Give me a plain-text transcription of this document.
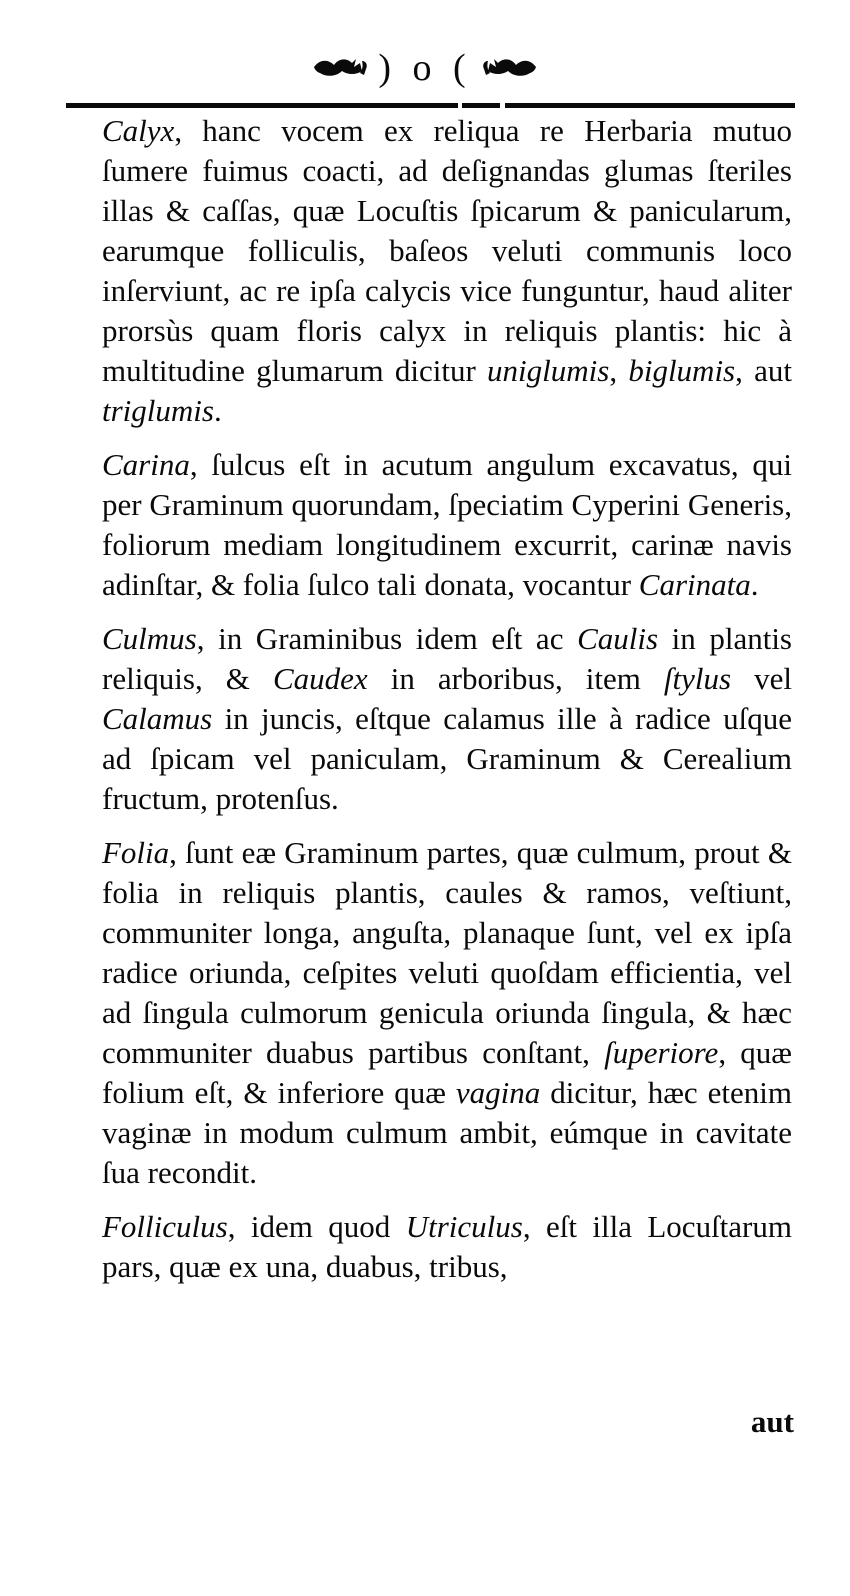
) o (

Calyx, hanc vocem ex reliqua re Herbaria mutuo ſumere fuimus coacti, ad deſignandas glumas ſteriles illas & caſſas, quæ Locuſtis ſpicarum & panicularum, earumque folliculis, baſeos veluti communis loco inſerviunt, ac re ipſa calycis vice funguntur, haud aliter prorsùs quam floris calyx in reliquis plantis: hic à multitudine glumarum dicitur uniglumis, biglumis, aut triglumis.

Carina, ſulcus eſt in acutum angulum excavatus, qui per Graminum quorundam, ſpeciatim Cyperini Generis, foliorum mediam longitudinem excurrit, carinæ navis adinſtar, & folia ſulco tali donata, vocantur Carinata.

Culmus, in Graminibus idem eſt ac Caulis in plantis reliquis, & Caudex in arboribus, item ſtylus vel Calamus in juncis, eſtque calamus ille à radice uſque ad ſpicam vel paniculam, Graminum & Cerealium fructum, protenſus.

Folia, ſunt eæ Graminum partes, quæ culmum, prout & folia in reliquis plantis, caules & ramos, veſtiunt, communiter longa, anguſta, planaque ſunt, vel ex ipſa radice oriunda, ceſpites veluti quoſdam efficientia, vel ad ſingula culmorum genicula oriunda ſingula, & hæc communiter duabus partibus conſtant, ſuperiore, quæ folium eſt, & inferiore quæ vagina dicitur, hæc etenim vaginæ in modum culmum ambit, eúmque in cavitate ſua recondit.

Folliculus, idem quod Utriculus, eſt illa Locuſtarum pars, quæ ex una, duabus, tribus,

aut
